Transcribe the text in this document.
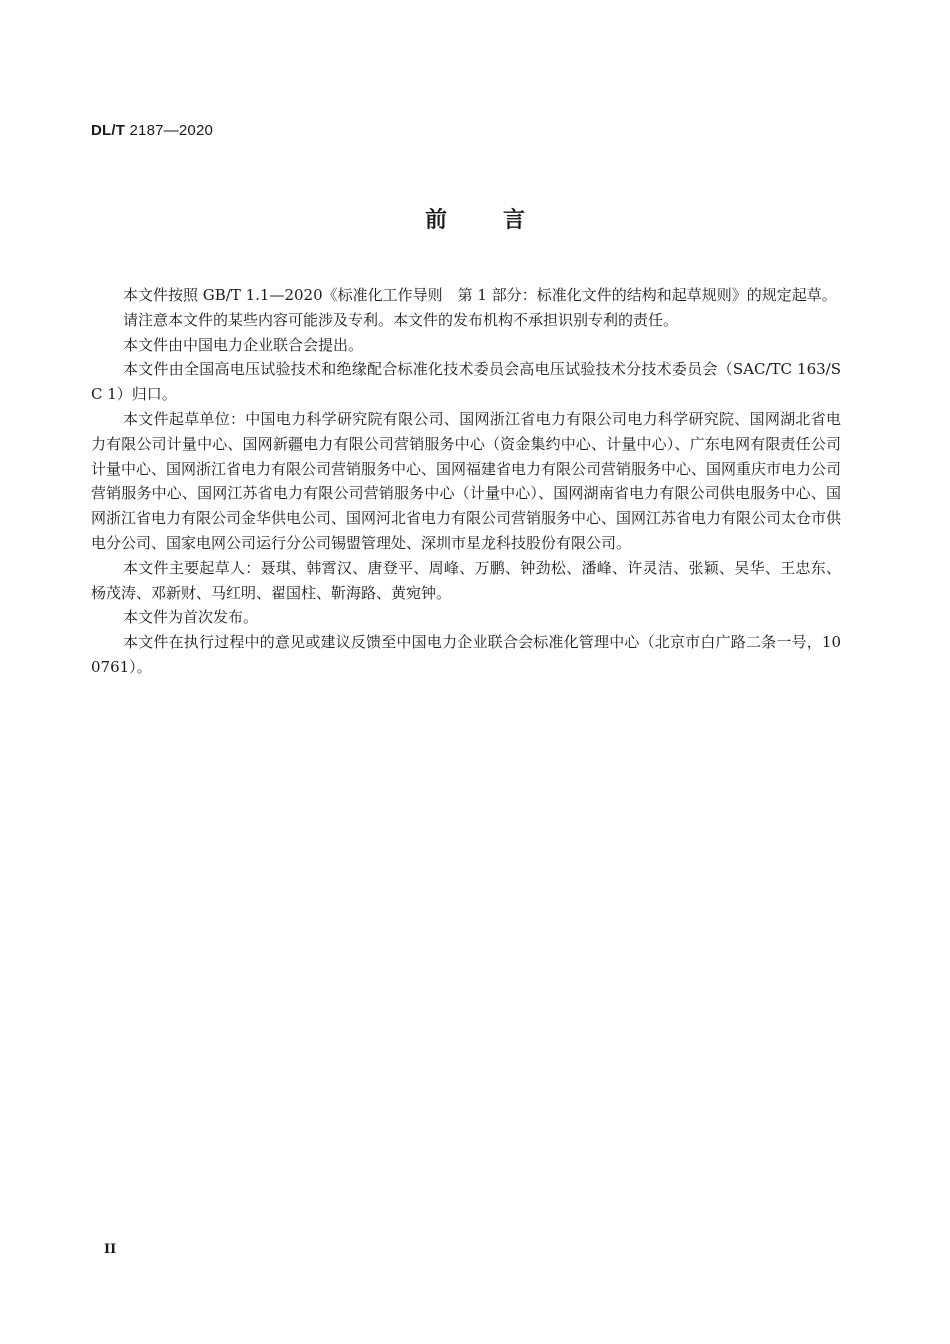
DL/T 2187—2020
前言

本文件按照 GB/T 1.1—2020《标准化工作导则　第 1 部分：标准化文件的结构和起草规则》的规定起草。

请注意本文件的某些内容可能涉及专利。本文件的发布机构不承担识别专利的责任。

本文件由中国电力企业联合会提出。

本文件由全国高电压试验技术和绝缘配合标准化技术委员会高电压试验技术分技术委员会（SAC/TC 163/SC 1）归口。

本文件起草单位：中国电力科学研究院有限公司、国网浙江省电力有限公司电力科学研究院、国网湖北省电力有限公司计量中心、国网新疆电力有限公司营销服务中心（资金集约中心、计量中心）、广东电网有限责任公司计量中心、国网浙江省电力有限公司营销服务中心、国网福建省电力有限公司营销服务中心、国网重庆市电力公司营销服务中心、国网江苏省电力有限公司营销服务中心（计量中心）、国网湖南省电力有限公司供电服务中心、国网浙江省电力有限公司金华供电公司、国网河北省电力有限公司营销服务中心、国网江苏省电力有限公司太仓市供电分公司、国家电网公司运行分公司锡盟管理处、深圳市星龙科技股份有限公司。

本文件主要起草人：聂琪、韩霄汉、唐登平、周峰、万鹏、钟劲松、潘峰、许灵洁、张颖、吴华、王忠东、杨茂涛、邓新财、马红明、翟国柱、靳海路、黄宛钟。

本文件为首次发布。

本文件在执行过程中的意见或建议反馈至中国电力企业联合会标准化管理中心（北京市白广路二条一号，100761）。

II
